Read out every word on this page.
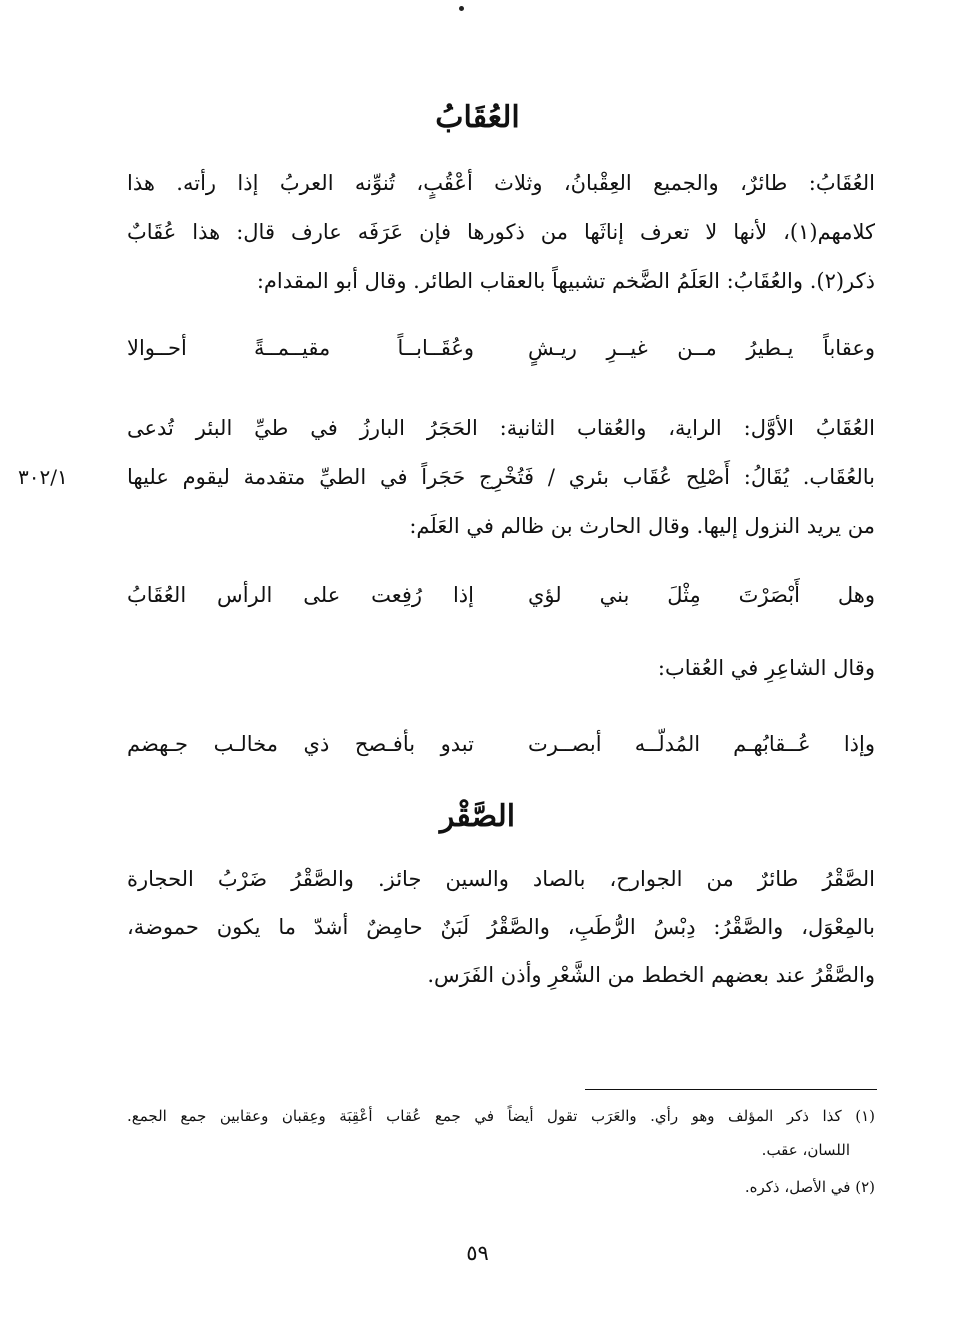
العُقَابُ
العُقَابُ: طائرٌ، والجميع العِقْبانُ، وثلاث أعْقُبٍ، تُنوِّنه العربُ إذا رأته. هذا
كلامهم(١)، لأنها لا تعرف إناثَها من ذكورها فإن عَرَفَه عارف قال: هذا عُقَابٌ
ذكر(٢). والعُقَابُ: العَلَمُ الضَّخم تشبيهاً بالعقاب الطائر. وقال أبو المقدام:
وعقاباً يـطيرُ مــن غيــرِ ريـشٍ
وعُقَــابــاً مقيــمــةً أحــوالا
العُقَابُ الأوَّل: الراية، والعُقاب الثانية: الحَجَرُ البارزُ في طيِّ البئر تُدعى
بالعُقَاب. يُقَالُ: أَصْلِح عُقَاب بئري / فَتُخْرِج حَجَراً في الطيِّ متقدمة ليقوم عليها
من يريد النزول إليها. وقال الحارث بن ظالم في العَلَم:
٣٠٢/١
وهل أَبْصَرْتَ مِثْلَ بني لؤي
إذا رُفِعت على الرأس العُقَابُ
وقال الشاعِرِ في العُقاب:
وإذا عُــقابُهـم المُدلّــه أبصــرت
تبدو بأفـصح ذي مخالـب جـهضم
الصَّقْر
الصَّقْرُ طائرٌ من الجوارح، بالصاد والسين جائز. والصَّقْرُ ضَرْبُ الحجارة
بالمِعْوَل، والصَّقْرُ: دِبْسُ الرُّطَبِ، والصَّقْرُ لَبَنٌ حامِضٌ أشدّ ما يكون حموضة،
والصَّقْرُ عند بعضهم الخطط من الشَّعْرِ وأذن الفَرَس.
(١) كذا ذكر المؤلف وهو رأي. والعَرَب تقول أيضاً في جمع عُقاب أعْقِبَة وعِقبان وعقابين جمع الجمع.
اللسان، عقب.
(٢) في الأصل، ذكره.
٥٩
